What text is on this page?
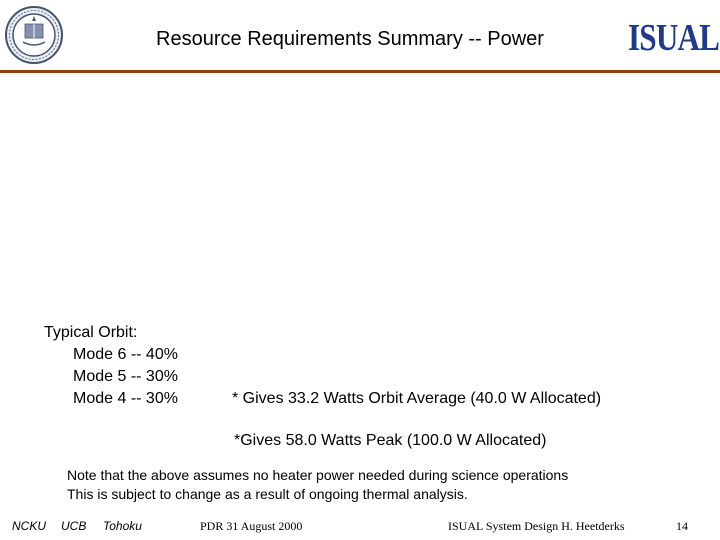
Resource Requirements Summary -- Power	ISUAL
Typical Orbit:
Mode 6 -- 40%
Mode 5 -- 30%
Mode 4 -- 30%	* Gives 33.2 Watts Orbit Average (40.0 W Allocated)
*Gives 58.0 Watts Peak (100.0 W Allocated)
Note that the above assumes no heater power needed during science operations
This is subject to change as a result of ongoing thermal analysis.
NCKU UCB Tohoku	PDR 31 August 2000	ISUAL System Design H. Heetderks	14
